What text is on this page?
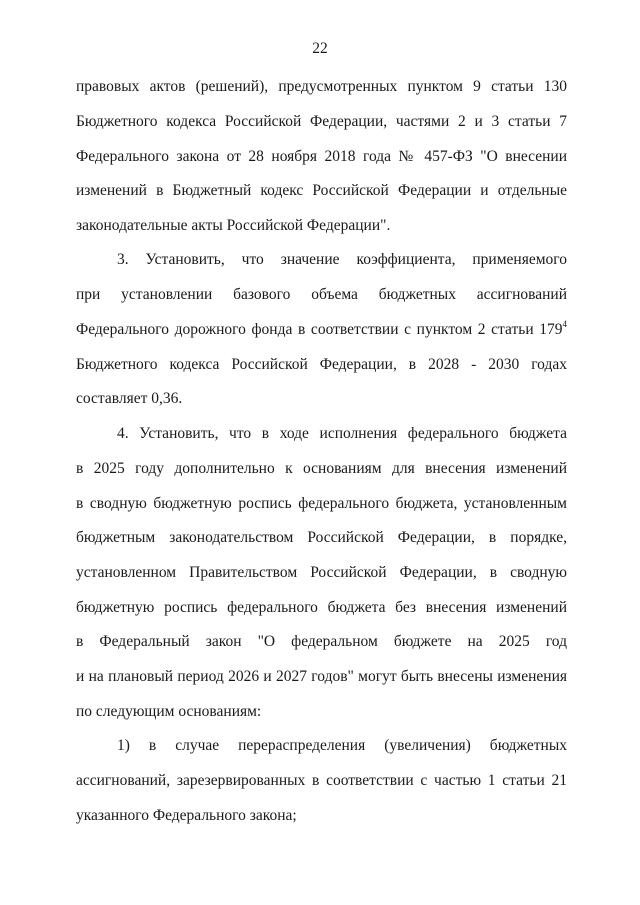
22
правовых актов (решений), предусмотренных пунктом 9 статьи 130
Бюджетного кодекса Российской Федерации, частями 2 и 3 статьи 7
Федерального закона от 28 ноября 2018 года № 457-ФЗ "О внесении
изменений в Бюджетный кодекс Российской Федерации и отдельные
законодательные акты Российской Федерации".
3. Установить, что значение коэффициента, применяемого
при установлении базового объема бюджетных ассигнований
Федерального дорожного фонда в соответствии с пунктом 2 статьи $179^4$
Бюджетного кодекса Российской Федерации, в 2028 - 2030 годах
составляет 0,36.
4. Установить, что в ходе исполнения федерального бюджета
в 2025 году дополнительно к основаниям для внесения изменений
в сводную бюджетную роспись федерального бюджета, установленным
бюджетным законодательством Российской Федерации, в порядке,
установленном Правительством Российской Федерации, в сводную
бюджетную роспись федерального бюджета без внесения изменений
в Федеральный закон "О федеральном бюджете на 2025 год
и на плановый период 2026 и 2027 годов" могут быть внесены изменения
по следующим основаниям:
1) в случае перераспределения (увеличения) бюджетных
ассигнований, зарезервированных в соответствии с частью 1 статьи 21
указанного Федерального закона;
